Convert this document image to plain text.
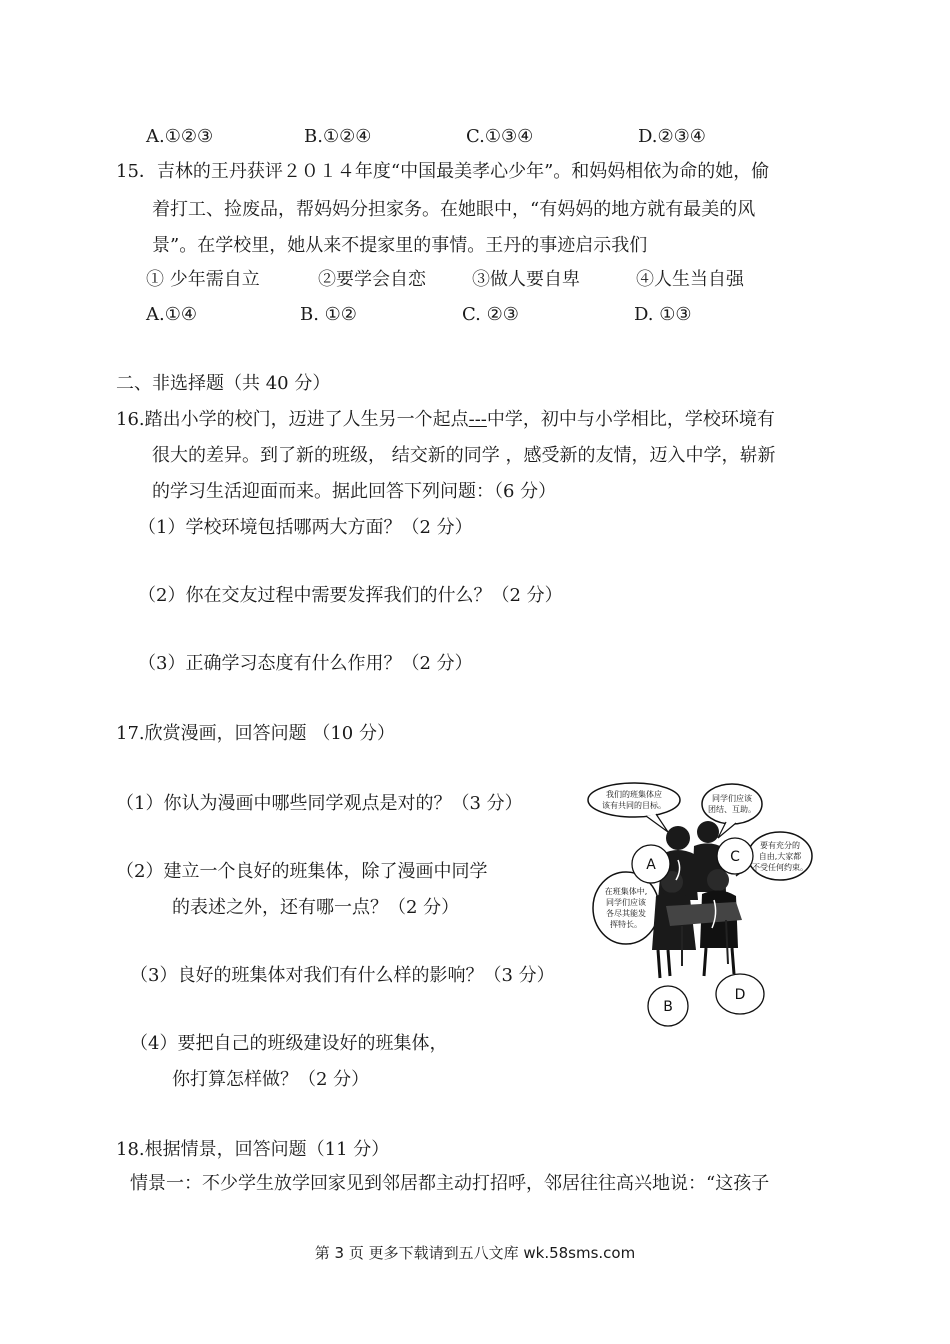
A.①②③	B.①②④	C.①③④	D.②③④
15．吉林的王丹获评２０１４年度“中国最美孝心少年”。和妈妈相依为命的她，偷
着打工、捡废品，帮妈妈分担家务。在她眼中，“有妈妈的地方就有最美的风
景”。在学校里，她从来不提家里的事情。王丹的事迹启示我们
① 少年需自立	②要学会自恋	③做人要自卑	④人生当自强
A.①④	B. ①②	C. ②③	D. ①③
二、非选择题（共 40 分）
16.踏出小学的校门，迈进了人生另一个起点---中学，初中与小学相比，学校环境有
很大的差异。到了新的班级， 结交新的同学 ，感受新的友情，迈入中学，崭新
的学习生活迎面而来。据此回答下列问题：（6 分）
（1）学校环境包括哪两大方面？（2 分）
（2）你在交友过程中需要发挥我们的什么？（2 分）
（3）正确学习态度有什么作用？（2 分）
17.欣赏漫画，回答问题 （10 分）
（1）你认为漫画中哪些同学观点是对的？（3 分）
（2）建立一个良好的班集体，除了漫画中同学
的表述之外，还有哪一点？（2 分）
（3）良好的班集体对我们有什么样的影响？（3 分）
（4）要把自己的班级建设好的班集体，
你打算怎样做？（2 分）
我们的班集体应
该有共同的目标。
同学们应该
团结、互助。
要有充分的
自由,大家都
不受任何约束。
在班集体中,
同学们应该
各尽其能发
挥特长。
A	C
B
D
18.根据情景，回答问题（11 分）
情景一：不少学生放学回家见到邻居都主动打招呼，邻居往往高兴地说：“这孩子
第 3 页 更多下载请到五八文库 wk.58sms.com
